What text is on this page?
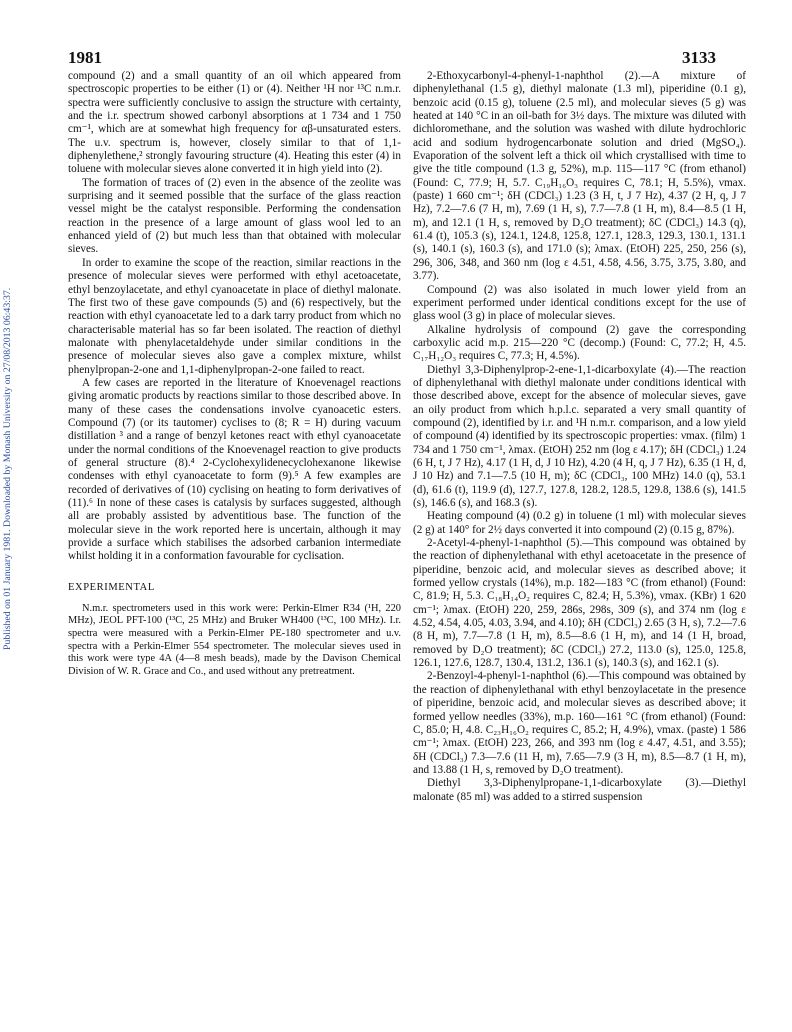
Published on 01 January 1981. Downloaded by Monash University on 27/08/2013 06:43:37.
1981	3133

compound (2) and a small quantity of an oil which appeared from spectroscopic properties to be either (1) or (4). Neither ¹H nor ¹³C n.m.r. spectra were sufficiently conclusive to assign the structure with certainty, and the i.r. spectrum showed carbonyl absorptions at 1 734 and 1 750 cm⁻¹, which are at somewhat high frequency for αβ-unsaturated esters. The u.v. spectrum is, however, closely similar to that of 1,1-diphenylethene,² strongly favouring structure (4). Heating this ester (4) in toluene with molecular sieves alone converted it in high yield into (2).

The formation of traces of (2) even in the absence of the zeolite was surprising and it seemed possible that the surface of the glass reaction vessel might be the catalyst responsible. Performing the condensation reaction in the presence of a large amount of glass wool led to an enhanced yield of (2) but much less than that obtained with molecular sieves.

In order to examine the scope of the reaction, similar reactions in the presence of molecular sieves were performed with ethyl acetoacetate, ethyl benzoylacetate, and ethyl cyanoacetate in place of diethyl malonate. The first two of these gave compounds (5) and (6) respectively, but the reaction with ethyl cyanoacetate led to a dark tarry product from which no characterisable material has so far been isolated. The reaction of diethyl malonate with phenylacetaldehyde under similar conditions in the presence of molecular sieves also gave a complex mixture, whilst phenylpropan-2-one and 1,1-diphenylpropan-2-one failed to react.

A few cases are reported in the literature of Knoevenagel reactions giving aromatic products by reactions similar to those described above. In many of these cases the condensations involve cyanoacetic esters. Compound (7) (or its tautomer) cyclises to (8; R = H) during vacuum distillation ³ and a range of benzyl ketones react with ethyl cyanoacetate under the normal conditions of the Knoevenagel reaction to give products of general structure (8).⁴ 2-Cyclohexylidenecyclohexanone likewise condenses with ethyl cyanoacetate to form (9).⁵ A few examples are recorded of derivatives of (10) cyclising on heating to form derivatives of (11).⁶ In none of these cases is catalysis by surfaces suggested, although all are probably assisted by adventitious base. The function of the molecular sieve in the work reported here is uncertain, although it may provide a surface which stabilises the adsorbed carbanion intermediate whilst holding it in a conformation favourable for cyclisation.

EXPERIMENTAL

N.m.r. spectrometers used in this work were: Perkin-Elmer R34 (¹H, 220 MHz), JEOL PFT-100 (¹³C, 25 MHz) and Bruker WH400 (¹³C, 100 MHz). I.r. spectra were measured with a Perkin-Elmer PE-180 spectrometer and u.v. spectra with a Perkin-Elmer 554 spectrometer. The molecular sieves used in this work were type 4A (4—8 mesh beads), made by the Davison Chemical Division of W. R. Grace and Co., and used without any pretreatment.

2-Ethoxycarbonyl-4-phenyl-1-naphthol (2).—A mixture of diphenylethanal (1.5 g), diethyl malonate (1.3 ml), piperidine (0.1 g), benzoic acid (0.15 g), toluene (2.5 ml), and molecular sieves (5 g) was heated at 140 °C in an oil-bath for 3½ days. The mixture was diluted with dichloromethane, and the solution was washed with dilute hydrochloric acid and sodium hydrogencarbonate solution and dried (MgSO₄). Evaporation of the solvent left a thick oil which crystallised with time to give the title compound (1.3 g, 52%), m.p. 115—117 °C (from ethanol) (Found: C, 77.9; H, 5.7. C₁₉H₁₆O₃ requires C, 78.1; H, 5.5%), νmax. (paste) 1 660 cm⁻¹; δH (CDCl₃) 1.23 (3 H, t, J 7 Hz), 4.37 (2 H, q, J 7 Hz), 7.2—7.6 (7 H, m), 7.69 (1 H, s), 7.7—7.8 (1 H, m), 8.4—8.5 (1 H, m), and 12.1 (1 H, s, removed by D₂O treatment); δC (CDCl₃) 14.3 (q), 61.4 (t), 105.3 (s), 124.1, 124.8, 125.8, 127.1, 128.3, 129.3, 130.1, 131.1 (s), 140.1 (s), 160.3 (s), and 171.0 (s); λmax. (EtOH) 225, 250, 256 (s), 296, 306, 348, and 360 nm (log ε 4.51, 4.58, 4.56, 3.75, 3.75, 3.80, and 3.77).

Compound (2) was also isolated in much lower yield from an experiment performed under identical conditions except for the use of glass wool (3 g) in place of molecular sieves.

Alkaline hydrolysis of compound (2) gave the corresponding carboxylic acid m.p. 215—220 °C (decomp.) (Found: C, 77.2; H, 4.5. C₁₇H₁₂O₃ requires C, 77.3; H, 4.5%).

Diethyl 3,3-Diphenylprop-2-ene-1,1-dicarboxylate (4).—The reaction of diphenylethanal with diethyl malonate under conditions identical with those described above, except for the absence of molecular sieves, gave an oily product from which h.p.l.c. separated a very small quantity of compound (2), identified by i.r. and ¹H n.m.r. comparison, and a low yield of compound (4) identified by its spectroscopic properties: νmax. (film) 1 734 and 1 750 cm⁻¹, λmax. (EtOH) 252 nm (log ε 4.17); δH (CDCl₃) 1.24 (6 H, t, J 7 Hz), 4.17 (1 H, d, J 10 Hz), 4.20 (4 H, q, J 7 Hz), 6.35 (1 H, d, J 10 Hz) and 7.1—7.5 (10 H, m); δC (CDCl₃, 100 MHz) 14.0 (q), 53.1 (d), 61.6 (t), 119.9 (d), 127.7, 127.8, 128.2, 128.5, 129.8, 138.6 (s), 141.5 (s), 146.6 (s), and 168.3 (s).

Heating compound (4) (0.2 g) in toluene (1 ml) with molecular sieves (2 g) at 140° for 2½ days converted it into compound (2) (0.15 g, 87%).

2-Acetyl-4-phenyl-1-naphthol (5).—This compound was obtained by the reaction of diphenylethanal with ethyl acetoacetate in the presence of piperidine, benzoic acid, and molecular sieves as described above; it formed yellow crystals (14%), m.p. 182—183 °C (from ethanol) (Found: C, 81.9; H, 5.3. C₁₈H₁₄O₂ requires C, 82.4; H, 5.3%), νmax. (KBr) 1 620 cm⁻¹; λmax. (EtOH) 220, 259, 286s, 298s, 309 (s), and 374 nm (log ε 4.52, 4.54, 4.05, 4.03, 3.94, and 4.10); δH (CDCl₃) 2.65 (3 H, s), 7.2—7.6 (8 H, m), 7.7—7.8 (1 H, m), 8.5—8.6 (1 H, m), and 14 (1 H, broad, removed by D₂O treatment); δC (CDCl₃) 27.2, 113.0 (s), 125.0, 125.8, 126.1, 127.6, 128.7, 130.4, 131.2, 136.1 (s), 140.3 (s), and 162.1 (s).

2-Benzoyl-4-phenyl-1-naphthol (6).—This compound was obtained by the reaction of diphenylethanal with ethyl benzoylacetate in the presence of piperidine, benzoic acid, and molecular sieves as described above; it formed yellow needles (33%), m.p. 160—161 °C (from ethanol) (Found: C, 85.0; H, 4.8. C₂₃H₁₆O₂ requires C, 85.2; H, 4.9%), νmax. (paste) 1 586 cm⁻¹; λmax. (EtOH) 223, 266, and 393 nm (log ε 4.47, 4.51, and 3.55); δH (CDCl₃) 7.3—7.6 (11 H, m), 7.65—7.9 (3 H, m), 8.5—8.7 (1 H, m), and 13.88 (1 H, s, removed by D₂O treatment).

Diethyl 3,3-Diphenylpropane-1,1-dicarboxylate (3).—Diethyl malonate (85 ml) was added to a stirred suspension
